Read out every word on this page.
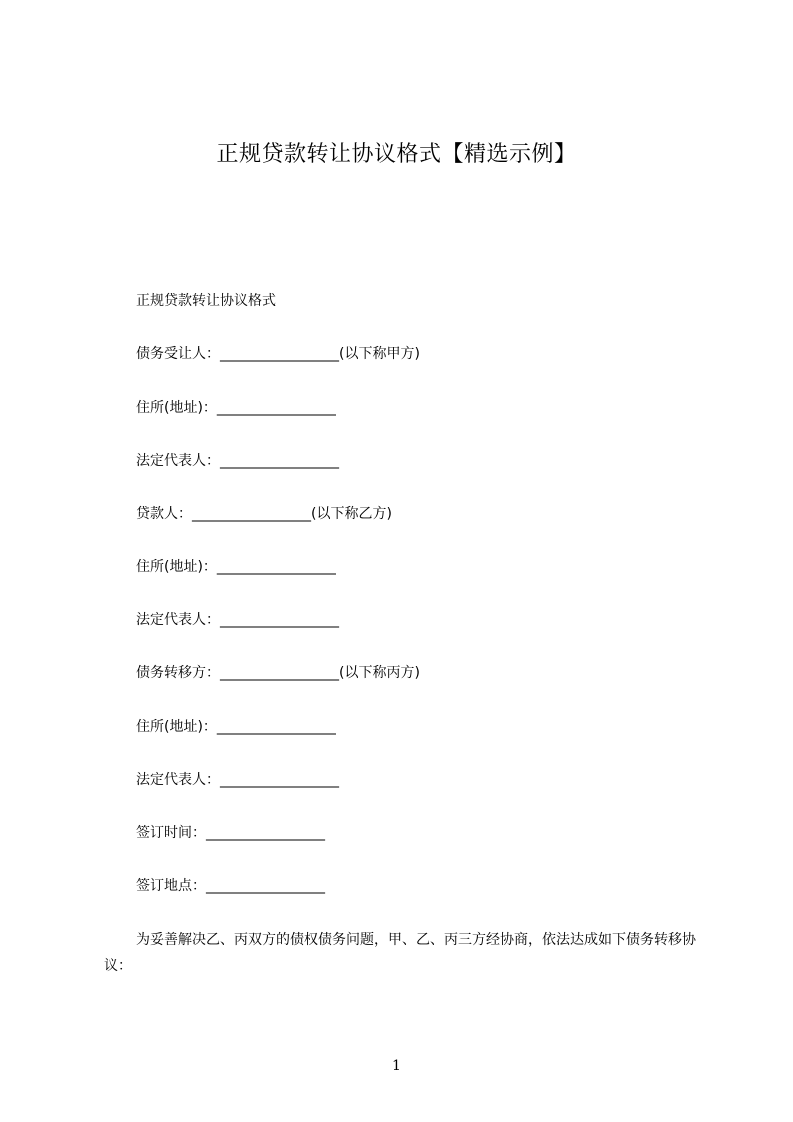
正规贷款转让协议格式【精选示例】
正规贷款转让协议格式
债务受让人：_________________(以下称甲方)
住所(地址)：_________________
法定代表人：_________________
贷款人：_________________(以下称乙方)
住所(地址)：_________________
法定代表人：_________________
债务转移方：_________________(以下称丙方)
住所(地址)：_________________
法定代表人：_________________
签订时间：_________________
签订地点：_________________
为妥善解决乙、丙双方的债权债务问题，甲、乙、丙三方经协商，依法达成如下债务转移协议：
1
